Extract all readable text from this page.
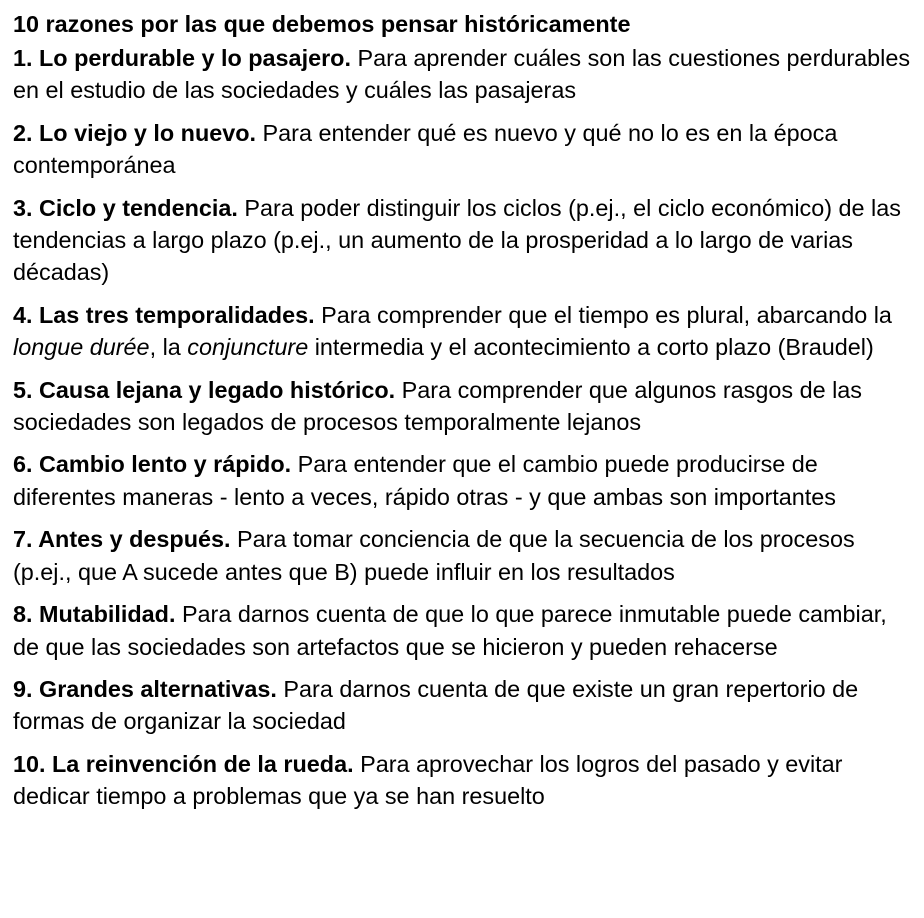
10 razones por las que debemos pensar históricamente

1. Lo perdurable y lo pasajero. Para aprender cuáles son las cuestiones perdurables en el estudio de las sociedades y cuáles las pasajeras

2. Lo viejo y lo nuevo. Para entender qué es nuevo y qué no lo es en la época contemporánea

3. Ciclo y tendencia. Para poder distinguir los ciclos (p.ej., el ciclo económico) de las tendencias a largo plazo (p.ej., un aumento de la prosperidad a lo largo de varias décadas)

4. Las tres temporalidades. Para comprender que el tiempo es plural, abarcando la longue durée, la conjuncture intermedia y el acontecimiento a corto plazo (Braudel)

5. Causa lejana y legado histórico. Para comprender que algunos rasgos de las sociedades son legados de procesos temporalmente lejanos

6. Cambio lento y rápido. Para entender que el cambio puede producirse de diferentes maneras - lento a veces, rápido otras - y que ambas son importantes

7. Antes y después. Para tomar conciencia de que la secuencia de los procesos (p.ej., que A sucede antes que B) puede influir en los resultados

8. Mutabilidad. Para darnos cuenta de que lo que parece inmutable puede cambiar, de que las sociedades son artefactos que se hicieron y pueden rehacerse

9. Grandes alternativas. Para darnos cuenta de que existe un gran repertorio de formas de organizar la sociedad

10. La reinvención de la rueda. Para aprovechar los logros del pasado y evitar dedicar tiempo a problemas que ya se han resuelto
